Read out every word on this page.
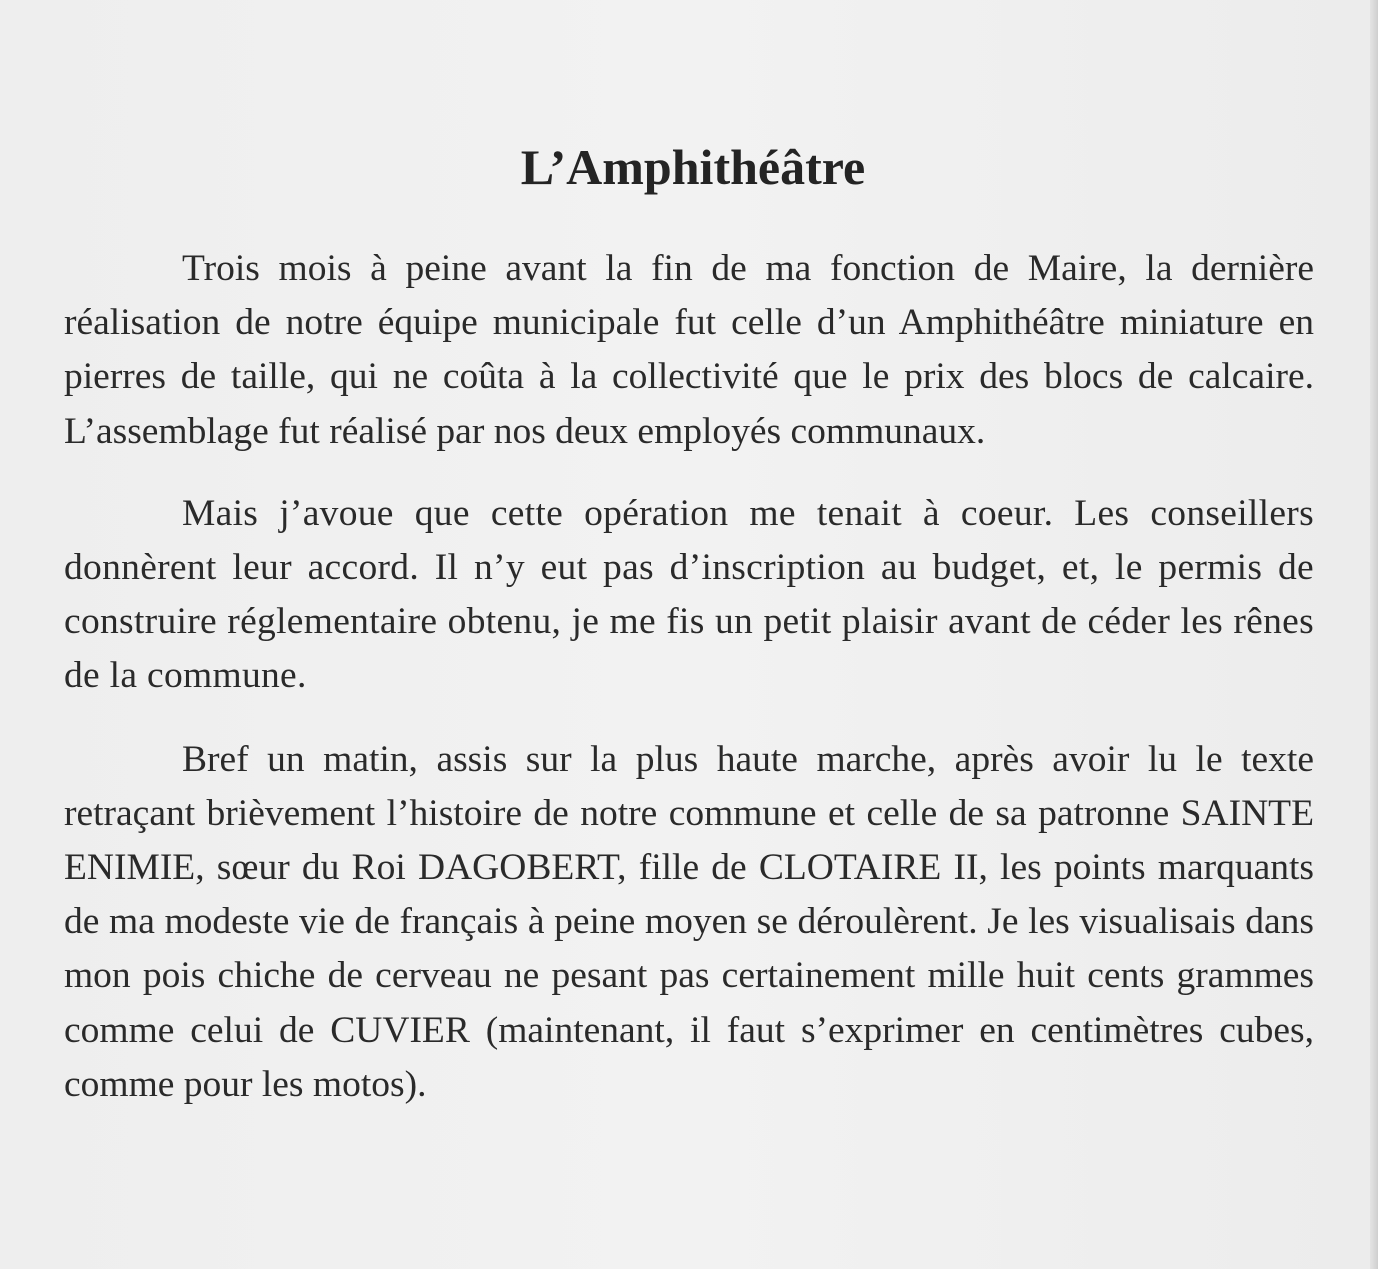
L’Amphithéâtre

Trois mois à peine avant la fin de ma fonction de Maire, la dernière réalisation de notre équipe municipale fut celle d’un Amphithéâtre miniature en pierres de taille, qui ne coûta à la collectivité que le prix des blocs de calcaire. L’assemblage fut réalisé par nos deux employés communaux.

Mais j’avoue que cette opération me tenait à coeur. Les conseillers donnèrent leur accord. Il n’y eut pas d’inscription au budget, et, le permis de construire réglementaire obtenu, je me fis un petit plaisir avant de céder les rênes de la commune.

Bref un matin, assis sur la plus haute marche, après avoir lu le texte retraçant brièvement l’histoire de notre commune et celle de sa patronne SAINTE ENIMIE, sœur du Roi DAGOBERT, fille de CLOTAIRE II, les points marquants de ma modeste vie de français à peine moyen se déroulèrent. Je les visualisais dans mon pois chiche de cerveau ne pesant pas certainement mille huit cents grammes comme celui de CUVIER (maintenant, il faut s’exprimer en centimètres cubes, comme pour les motos).
